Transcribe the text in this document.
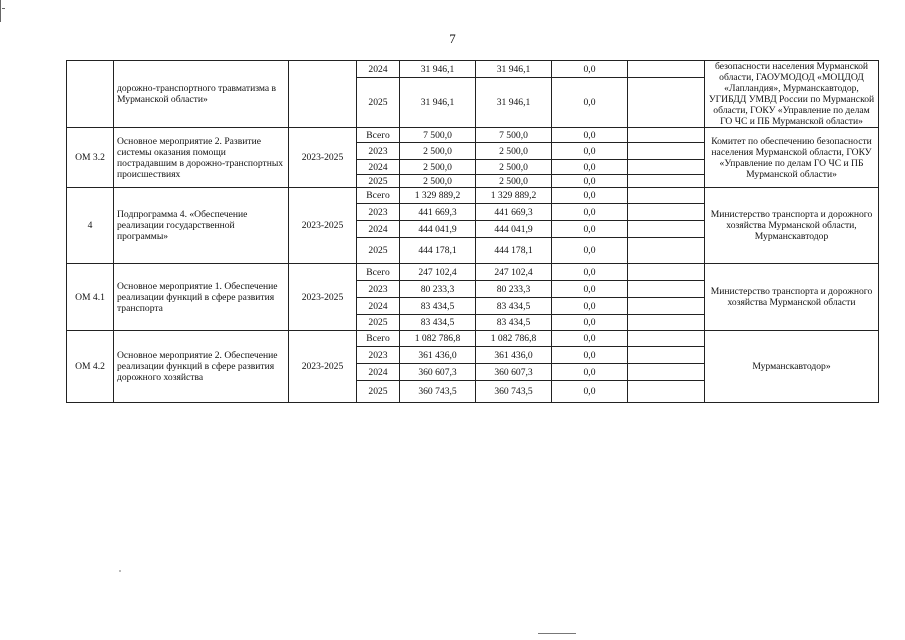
7
	дорожно-транспортного травматизма в Мурманской области»		2024	31 946,1	31 946,1	0,0		безопасности населения Мурманской области, ГАОУМОДОД «МОЦДОД «Лапландия», Мурманскавтодор, УГИБДД УМВД России по Мурманской области, ГОКУ «Управление по делам ГО ЧС и ПБ Мурманской области»
			2025	31 946,1	31 946,1	0,0		
ОМ 3.2	Основное мероприятие 2. Развитие системы оказания помощи пострадавшим в дорожно-транспортных происшествиях	2023-2025	Всего	7 500,0	7 500,0	0,0		Комитет по обеспечению безопасности населения Мурманской области, ГОКУ «Управление по делам ГО ЧС и ПБ Мурманской области»
			2023	2 500,0	2 500,0	0,0		
			2024	2 500,0	2 500,0	0,0		
			2025	2 500,0	2 500,0	0,0		
4	Подпрограмма 4. «Обеспечение реализации государственной программы»	2023-2025	Всего	1 329 889,2	1 329 889,2	0,0		Министерство транспорта и дорожного хозяйства Мурманской области, Мурманскавтодор
			2023	441 669,3	441 669,3	0,0		
			2024	444 041,9	444 041,9	0,0		
			2025	444 178,1	444 178,1	0,0		
ОМ 4.1	Основное мероприятие 1. Обеспечение реализации функций в сфере развития транспорта	2023-2025	Всего	247 102,4	247 102,4	0,0		Министерство транспорта и дорожного хозяйства Мурманской области
			2023	80 233,3	80 233,3	0,0		
			2024	83 434,5	83 434,5	0,0		
			2025	83 434,5	83 434,5	0,0		
ОМ 4.2	Основное мероприятие 2. Обеспечение реализации функций в сфере развития дорожного хозяйства	2023-2025	Всего	1 082 786,8	1 082 786,8	0,0		Мурманскавтодор»
			2023	361 436,0	361 436,0	0,0		
			2024	360 607,3	360 607,3	0,0		
			2025	360 743,5	360 743,5	0,0		
